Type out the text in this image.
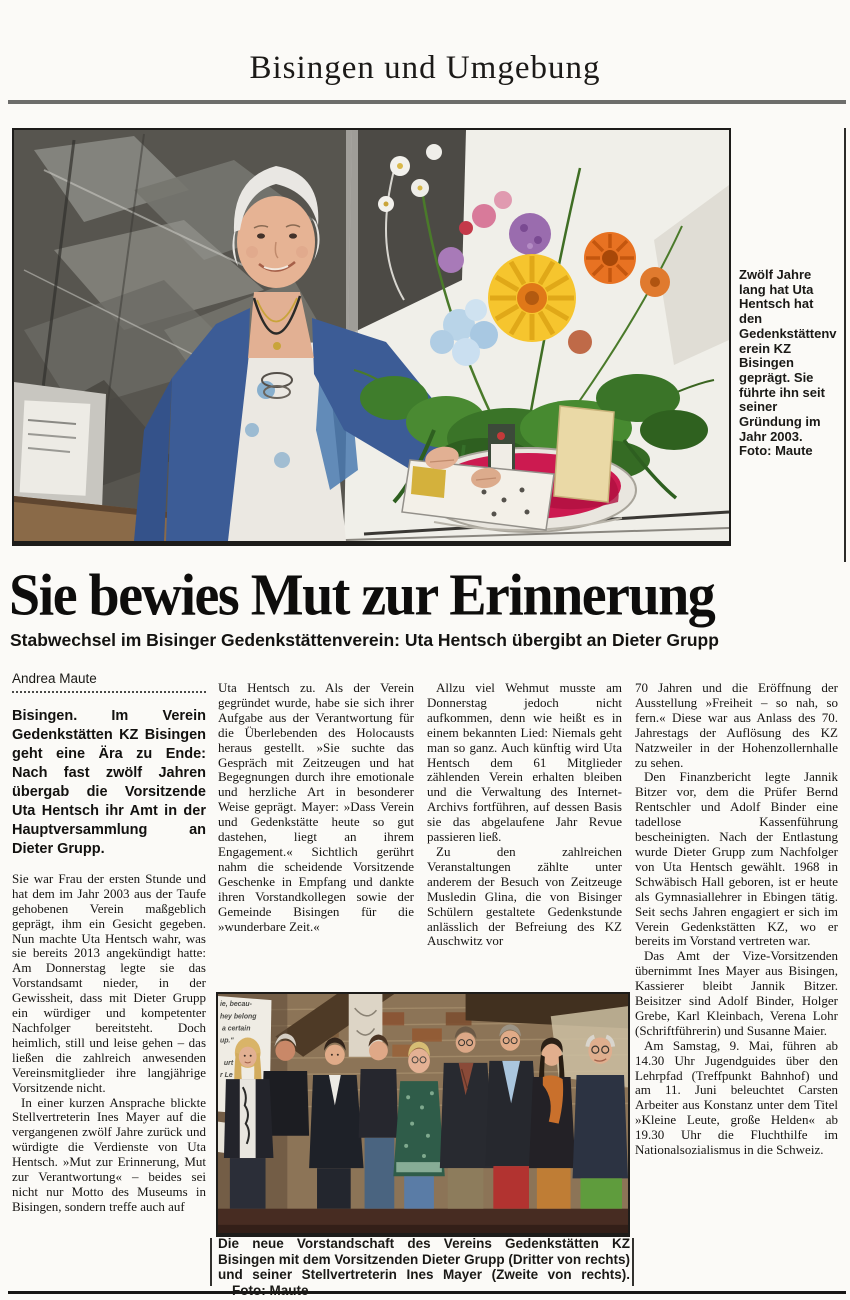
Bisingen und Umgebung
Zwölf Jahre lang hat Uta Hentsch hat den Gedenkstättenverein KZ Bisingen geprägt. Sie führte ihn seit seiner Gründung im Jahr 2003.
Foto: Maute
Sie bewies Mut zur Erinnerung
Stabwechsel im Bisinger Gedenkstättenverein: Uta Hentsch übergibt an Dieter Grupp
Andrea Maute

Bisingen. Im Verein Gedenkstätten KZ Bisingen geht eine Ära zu Ende: Nach fast zwölf Jahren übergab die Vorsitzende Uta Hentsch ihr Amt in der Hauptversammlung an Dieter Grupp.

Sie war Frau der ersten Stunde und hat dem im Jahr 2003 aus der Taufe gehobenen Verein maßgeblich geprägt, ihm ein Gesicht gegeben. Nun machte Uta Hentsch wahr, was sie bereits 2013 angekündigt hatte: Am Donnerstag legte sie das Vorstandsamt nieder, in der Gewissheit, dass mit Dieter Grupp ein würdiger und kompetenter Nachfolger bereitsteht. Doch heimlich, still und leise gehen – das ließen die zahlreich anwesenden Vereinsmitglieder ihre langjährige Vorsitzende nicht.

In einer kurzen Ansprache blickte Stellvertreterin Ines Mayer auf die vergangenen zwölf Jahre zurück und würdigte die Verdienste von Uta Hentsch. »Mut zur Erinnerung, Mut zur Verantwortung« – beides sei nicht nur Motto des Museums in Bisingen, sondern treffe auch auf

Uta Hentsch zu. Als der Verein gegründet wurde, habe sie sich ihrer Aufgabe aus der Verantwortung für die Überlebenden des Holocausts heraus gestellt. »Sie suchte das Gespräch mit Zeitzeugen und hat Begegnungen durch ihre emotionale und herzliche Art in besonderer Weise geprägt. Mayer: »Dass Verein und Gedenkstätte heute so gut dastehen, liegt an ihrem Engagement.« Sichtlich gerührt nahm die scheidende Vorsitzende Geschenke in Empfang und dankte ihren Vorstandkollegen sowie der Gemeinde Bisingen für die »wunderbare Zeit.«

Allzu viel Wehmut musste am Donnerstag jedoch nicht aufkommen, denn wie heißt es in einem bekannten Lied: Niemals geht man so ganz. Auch künftig wird Uta Hentsch dem 61 Mitglieder zählenden Verein erhalten bleiben und die Verwaltung des Internet-Archivs fortführen, auf dessen Basis sie das abgelaufene Jahr Revue passieren ließ.

Zu den zahlreichen Veranstaltungen zählte unter anderem der Besuch von Zeitzeuge Musledin Glina, die von Bisinger Schülern gestaltete Gedenkstunde anlässlich der Befreiung des KZ Auschwitz vor

70 Jahren und die Eröffnung der Ausstellung »Freiheit – so nah, so fern.« Diese war aus Anlass des 70. Jahrestags der Auflösung des KZ Natzweiler in der Hohenzollernhalle zu sehen.

Den Finanzbericht legte Jannik Bitzer vor, dem die Prüfer Bernd Rentschler und Adolf Binder eine tadellose Kassenführung bescheinigten. Nach der Entlastung wurde Dieter Grupp zum Nachfolger von Uta Hentsch gewählt. 1968 in Schwäbisch Hall geboren, ist er heute als Gymnasiallehrer in Ebingen tätig. Seit sechs Jahren engagiert er sich im Verein Gedenkstätten KZ, wo er bereits im Vorstand vertreten war.

Das Amt der Vize-Vorsitzenden übernimmt Ines Mayer aus Bisingen, Kassierer bleibt Jannik Bitzer. Beisitzer sind Adolf Binder, Holger Grebe, Karl Kleinbach, Verena Lohr (Schriftführerin) und Susanne Maier.

Am Samstag, 9. Mai, führen ab 14.30 Uhr Jugendguides über den Lehrpfad (Treffpunkt Bahnhof) und am 11. Juni beleuchtet Carsten Arbeiter aus Konstanz unter dem Titel »Kleine Leute, große Helden« ab 19.30 Uhr die Fluchthilfe im Nationalsozialismus in die Schweiz.

ie, becau-
hey belong
a certain
up."
urt
r Le
Die neue Vorstandschaft des Vereins Gedenkstätten KZ Bisingen mit dem Vorsitzenden Dieter Grupp (Dritter von rechts) und seiner Stellvertreterin Ines Mayer (Zweite von rechts).
